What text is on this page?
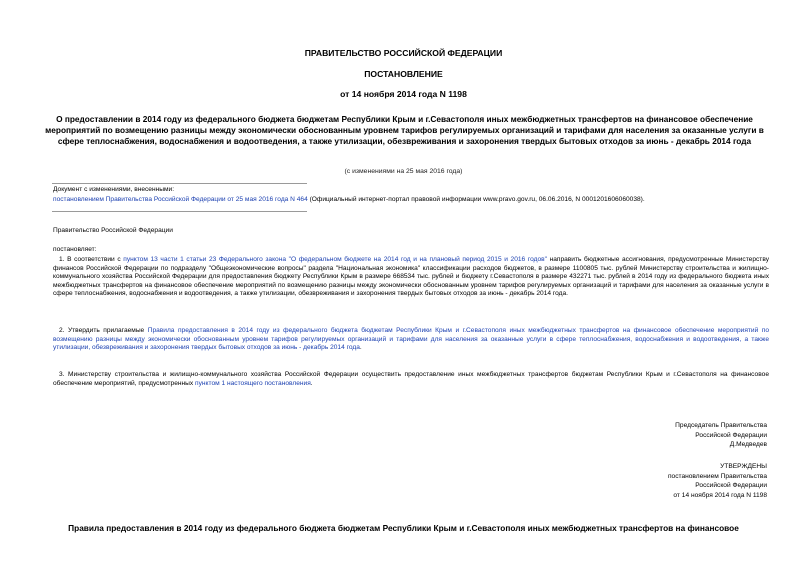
ПРАВИТЕЛЬСТВО РОССИЙСКОЙ ФЕДЕРАЦИИ
ПОСТАНОВЛЕНИЕ
от 14 ноября 2014 года N 1198
О предоставлении в 2014 году из федерального бюджета бюджетам Республики Крым и г.Севастополя иных межбюджетных трансфертов на финансовое обеспечение мероприятий по возмещению разницы между экономически обоснованным уровнем тарифов регулируемых организаций и тарифами для населения за оказанные услуги в сфере теплоснабжения, водоснабжения и водоотведения, а также утилизации, обезвреживания и захоронения твердых бытовых отходов за июнь - декабрь 2014 года
(с изменениями на 25 мая 2016 года)
Документ с изменениями, внесенными:
постановлением Правительства Российской Федерации от 25 мая 2016 года N 464 (Официальный интернет-портал правовой информации www.pravo.gov.ru, 06.06.2016, N 0001201606060038).
Правительство Российской Федерации
постановляет:
1. В соответствии с пунктом 13 части 1 статьи 23 Федерального закона "О федеральном бюджете на 2014 год и на плановый период 2015 и 2016 годов" направить бюджетные ассигнования, предусмотренные Министерству финансов Российской Федерации по подразделу "Общеэкономические вопросы" раздела "Национальная экономика" классификации расходов бюджетов, в размере 1100805 тыс. рублей Министерству строительства и жилищно-коммунального хозяйства Российской Федерации для предоставления бюджету Республики Крым в размере 668534 тыс. рублей и бюджету г.Севастополя в размере 432271 тыс. рублей в 2014 году из федерального бюджета иных межбюджетных трансфертов на финансовое обеспечение мероприятий по возмещению разницы между экономически обоснованным уровнем тарифов регулируемых организаций и тарифами для населения за оказанные услуги в сфере теплоснабжения, водоснабжения и водоотведения, а также утилизации, обезвреживания и захоронения твердых бытовых отходов за июнь - декабрь 2014 года.
2. Утвердить прилагаемые Правила предоставления в 2014 году из федерального бюджета бюджетам Республики Крым и г.Севастополя иных межбюджетных трансфертов на финансовое обеспечение мероприятий по возмещению разницы между экономически обоснованным уровнем тарифов регулируемых организаций и тарифами для населения за оказанные услуги в сфере теплоснабжения, водоснабжения и водоотведения, а также утилизации, обезвреживания и захоронения твердых бытовых отходов за июнь - декабрь 2014 года.
3. Министерству строительства и жилищно-коммунального хозяйства Российской Федерации осуществить предоставление иных межбюджетных трансфертов бюджетам Республики Крым и г.Севастополя на финансовое обеспечение мероприятий, предусмотренных пунктом 1 настоящего постановления.
Председатель Правительства
Российской Федерации
Д.Медведев
УТВЕРЖДЕНЫ
постановлением Правительства
Российской Федерации
от 14 ноября 2014 года N 1198
Правила предоставления в 2014 году из федерального бюджета бюджетам Республики Крым и г.Севастополя иных межбюджетных трансфертов на финансовое
